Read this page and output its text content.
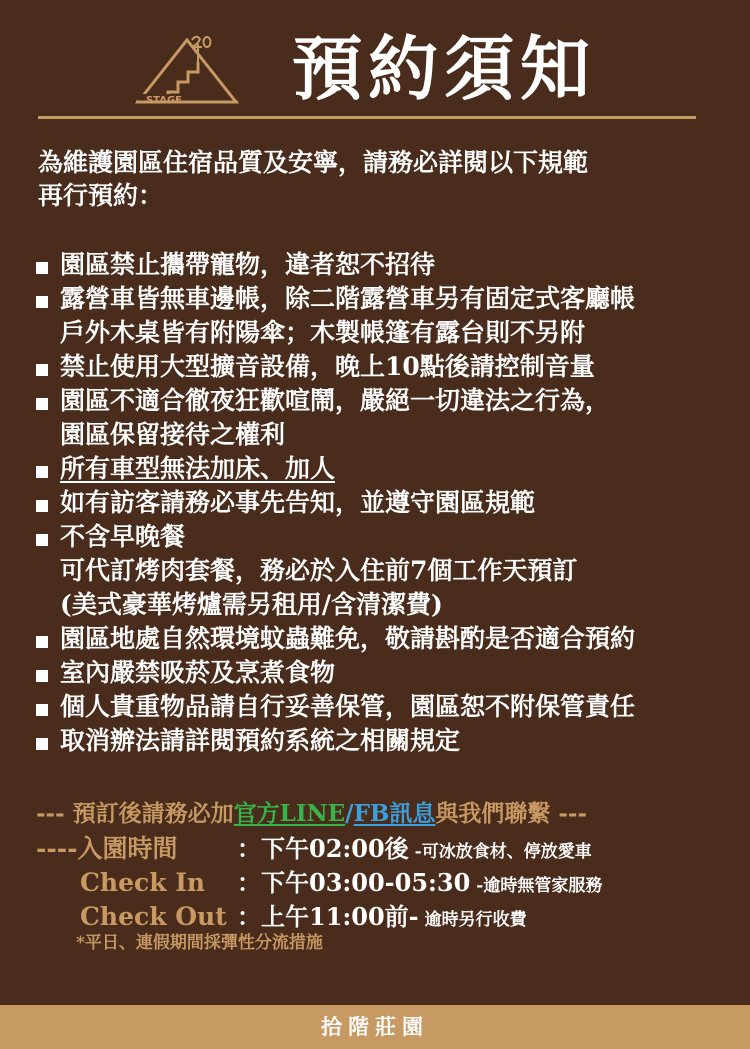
STAGE 預約須知
為維護園區住宿品質及安寧，請務必詳閱以下規範
再行預約：
園區禁止攜帶寵物，違者恕不招待
露營車皆無車邊帳，除二階露營車另有固定式客廳帳
戶外木桌皆有附陽傘；木製帳篷有露台則不另附
禁止使用大型擴音設備，晚上10點後請控制音量
園區不適合徹夜狂歡喧鬧，嚴絕一切違法之行為，
園區保留接待之權利
所有車型無法加床、加人
如有訪客請務必事先告知，並遵守園區規範
不含早晚餐
可代訂烤肉套餐，務必於入住前7個工作天預訂
(美式豪華烤爐需另租用/含清潔費)
園區地處自然環境蚊蟲難免，敬請斟酌是否適合預約
室內嚴禁吸菸及烹煮食物
個人貴重物品請自行妥善保管，園區恕不附保管責任
取消辦法請詳閱預約系統之相關規定
--- 預訂後請務必加官方LINE/FB訊息與我們聯繫 ---
----入園時間 ：下午02:00後 -可冰放食材、停放愛車
Check In ：下午03:00-05:30 -逾時無管家服務
Check Out ：上午11:00前- 逾時另行收費
*平日、連假期間採彈性分流措施
拾階莊園
